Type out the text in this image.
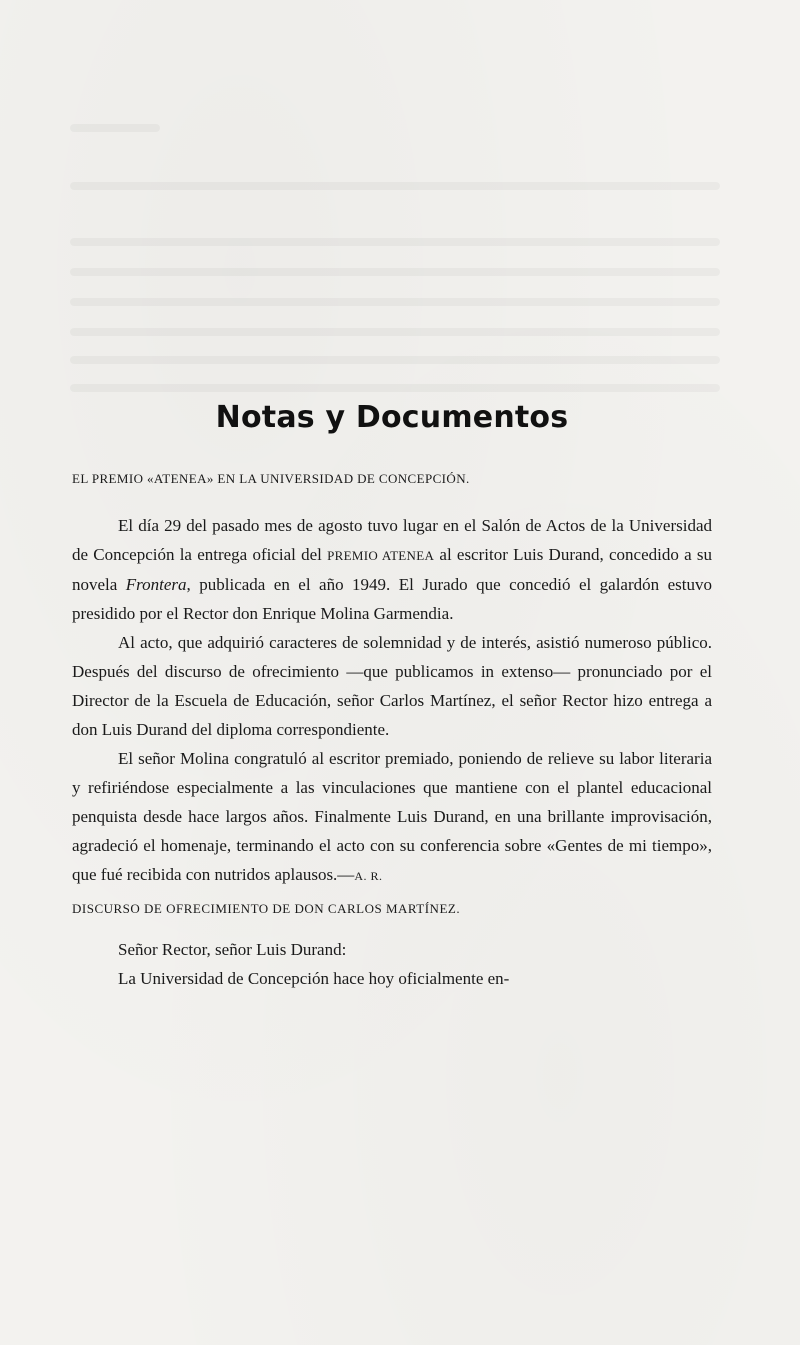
Notas y Documentos
EL PREMIO «ATENEA» EN LA UNIVERSIDAD DE CONCEPCIÓN.

El día 29 del pasado mes de agosto tuvo lugar en el Salón de Actos de la Universidad de Concepción la entrega oficial del PREMIO ATENEA al escritor Luis Durand, concedido a su novela Frontera, publicada en el año 1949. El Jurado que concedió el galardón estuvo presidido por el Rector don Enrique Molina Garmendia.

Al acto, que adquirió caracteres de solemnidad y de interés, asistió numeroso público. Después del discurso de ofrecimiento —que publicamos in extenso— pronunciado por el Director de la Escuela de Educación, señor Carlos Martínez, el señor Rector hizo entrega a don Luis Durand del diploma correspondiente.

El señor Molina congratuló al escritor premiado, poniendo de relieve su labor literaria y refiriéndose especialmente a las vinculaciones que mantiene con el plantel educacional penquista desde hace largos años. Finalmente Luis Durand, en una brillante improvisación, agradeció el homenaje, terminando el acto con su conferencia sobre «Gentes de mi tiempo», que fué recibida con nutridos aplausos.—A. R.

DISCURSO DE OFRECIMIENTO DE DON CARLOS MARTÍNEZ.

Señor Rector, señor Luis Durand:

La Universidad de Concepción hace hoy oficialmente en-
